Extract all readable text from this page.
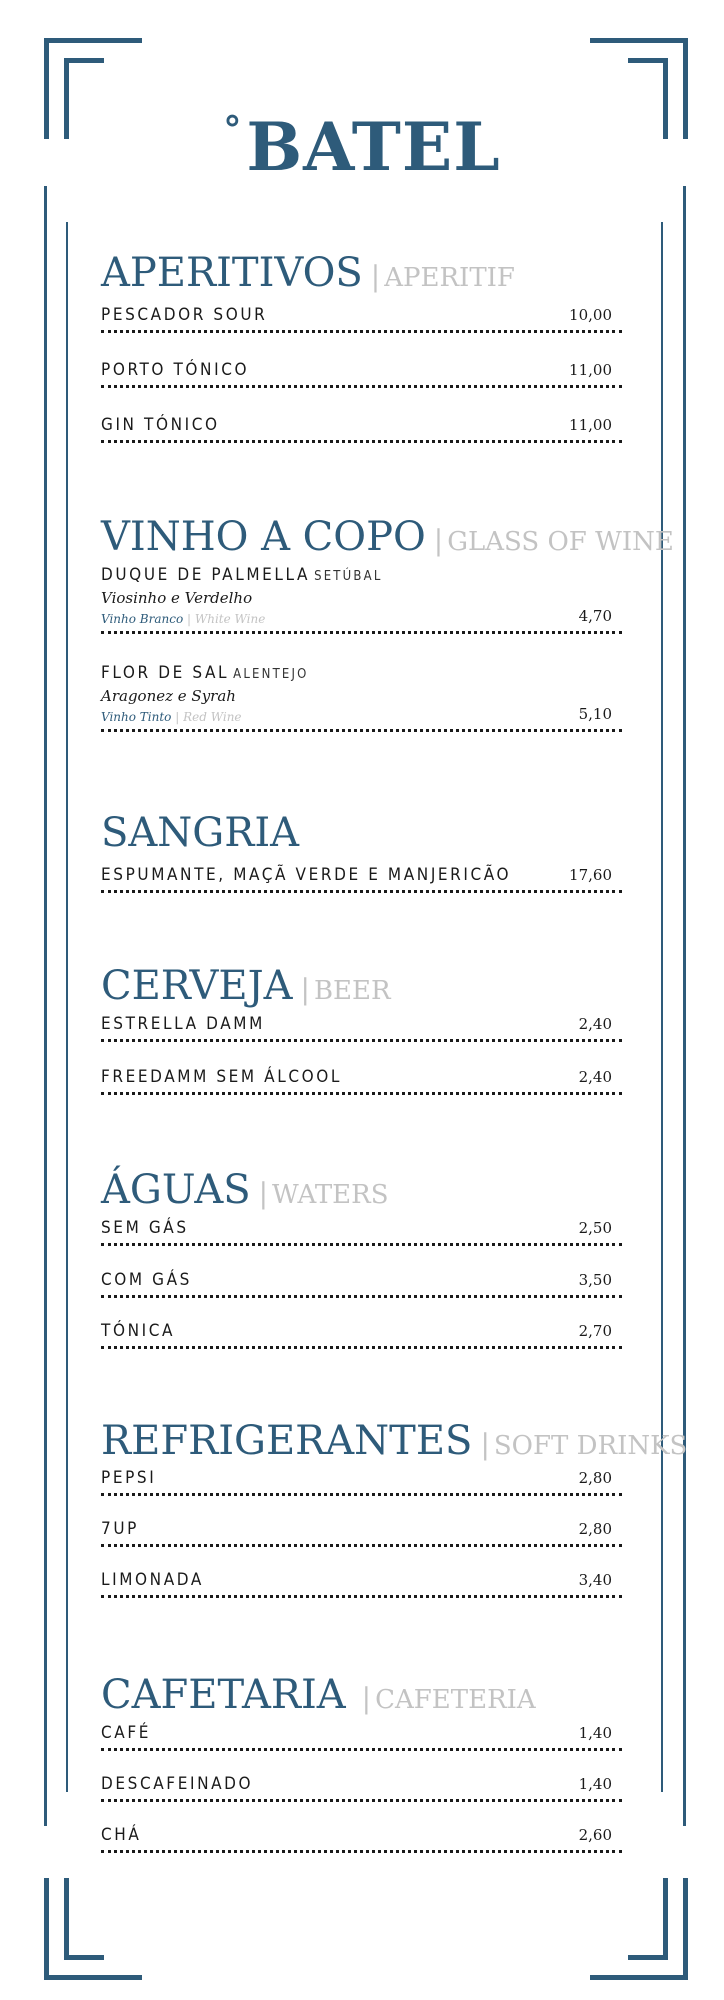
°BATEL
APERITIVOS | APERITIF
PESCADOR SOUR	10,00
PORTO TÓNICO	11,00
GIN TÓNICO	11,00
VINHO A COPO | GLASS OF WINE
DUQUE DE PALMELLA SETÚBAL
Viosinho e Verdelho
Vinho Branco | White Wine	4,70
FLOR DE SAL ALENTEJO
Aragonez e Syrah
Vinho Tinto | Red Wine	5,10
SANGRIA
ESPUMANTE, MAÇÃ VERDE E MANJERICÃO	17,60
CERVEJA | BEER
ESTRELLA DAMM	2,40
FREEDAMM SEM ÁLCOOL	2,40
ÁGUAS | WATERS
SEM GÁS	2,50
COM GÁS	3,50
TÓNICA	2,70
REFRIGERANTES | SOFT DRINKS
PEPSI	2,80
7UP	2,80
LIMONADA	3,40
CAFETARIA | CAFETERIA
CAFÉ	1,40
DESCAFEINADO	1,40
CHÁ	2,60
